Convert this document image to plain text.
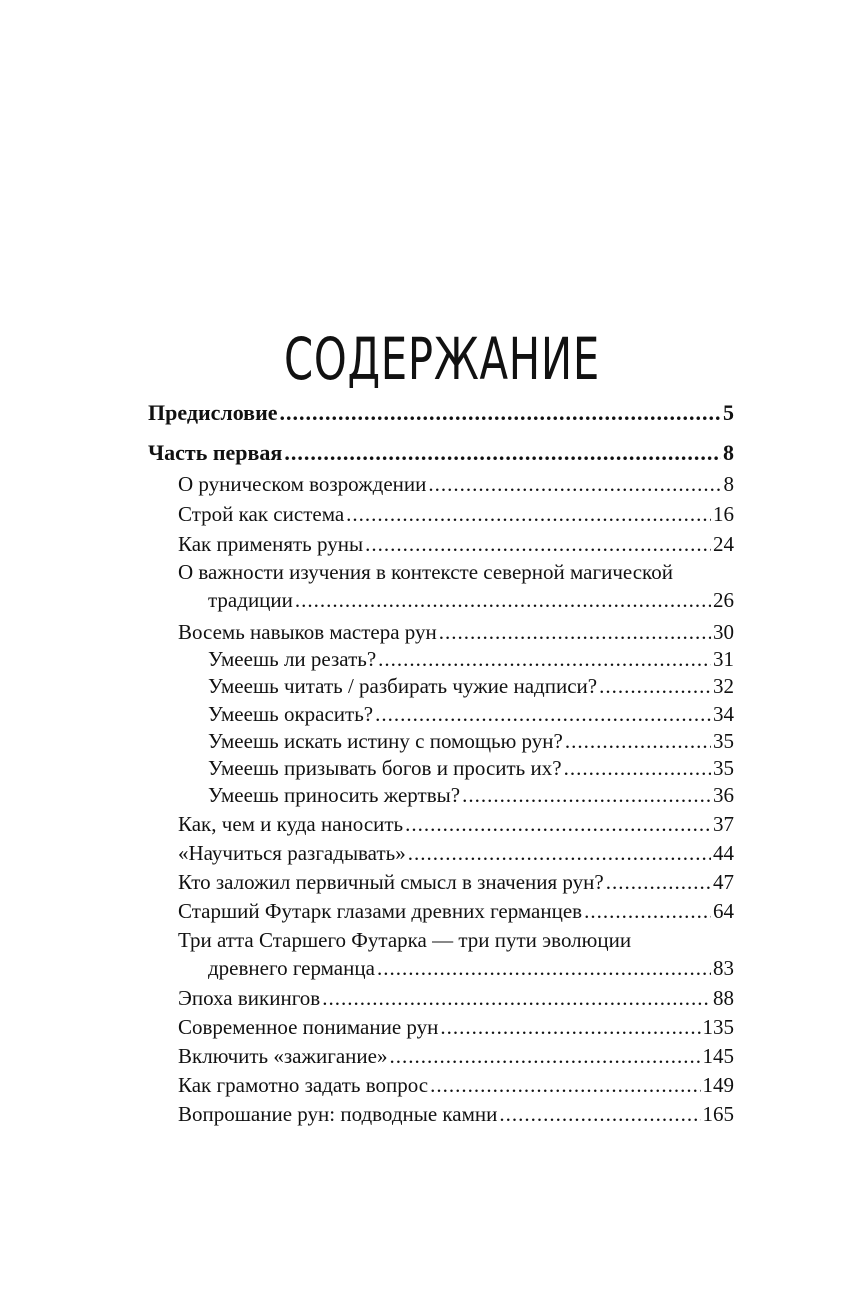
СОДЕРЖАНИЕ
Предисловие .....	5
Часть первая .....	8
О руническом возрождении .....	8
Строй как система .....	16
Как применять руны .....	24
О важности изучения в контексте северной магической
традиции .....	26
Восемь навыков мастера рун .....	30
Умеешь ли резать? .....	31
Умеешь читать / разбирать чужие надписи? .....	32
Умеешь окрасить? .....	34
Умеешь искать истину с помощью рун? .....	35
Умеешь призывать богов и просить их? .....	35
Умеешь приносить жертвы? .....	36
Как, чем и куда наносить .....	37
«Научиться разгадывать» .....	44
Кто заложил первичный смысл в значения рун? .....	47
Старший Футарк глазами древних германцев .....	64
Три атта Старшего Футарка — три пути эволюции
древнего германца .....	83
Эпоха викингов .....	88
Современное понимание рун .....	135
Включить «зажигание» .....	145
Как грамотно задать вопрос .....	149
Вопрошание рун: подводные камни .....	165
